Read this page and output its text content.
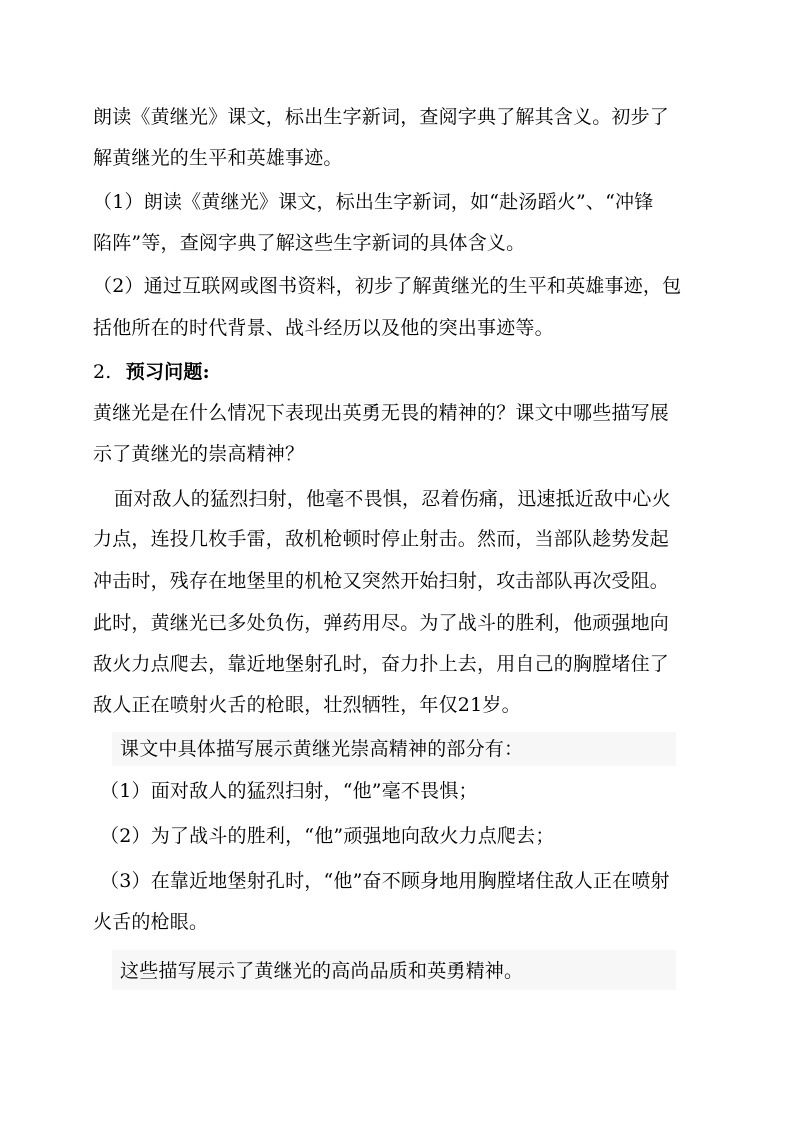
朗读《黄继光》课文，标出生字新词，查阅字典了解其含义。初步了
解黄继光的生平和英雄事迹。
（1）朗读《黄继光》课文，标出生字新词，如“赴汤蹈火”、“冲锋
陷阵”等，查阅字典了解这些生字新词的具体含义。
（2）通过互联网或图书资料，初步了解黄继光的生平和英雄事迹，包
括他所在的时代背景、战斗经历以及他的突出事迹等。
2. 预习问题:
黄继光是在什么情况下表现出英勇无畏的精神的？课文中哪些描写展
示了黄继光的崇高精神？
面对敌人的猛烈扫射，他毫不畏惧，忍着伤痛，迅速抵近敌中心火
力点，连投几枚手雷，敌机枪顿时停止射击。然而，当部队趁势发起
冲击时，残存在地堡里的机枪又突然开始扫射，攻击部队再次受阻。
此时，黄继光已多处负伤，弹药用尽。为了战斗的胜利，他顽强地向
敌火力点爬去，靠近地堡射孔时，奋力扑上去，用自己的胸膛堵住了
敌人正在喷射火舌的枪眼，壮烈牺牲，年仅21岁。
课文中具体描写展示黄继光崇高精神的部分有：
（1）面对敌人的猛烈扫射，“他”毫不畏惧；
（2）为了战斗的胜利，“他”顽强地向敌火力点爬去；
（3）在靠近地堡射孔时，“他”奋不顾身地用胸膛堵住敌人正在喷射
火舌的枪眼。
这些描写展示了黄继光的高尚品质和英勇精神。
